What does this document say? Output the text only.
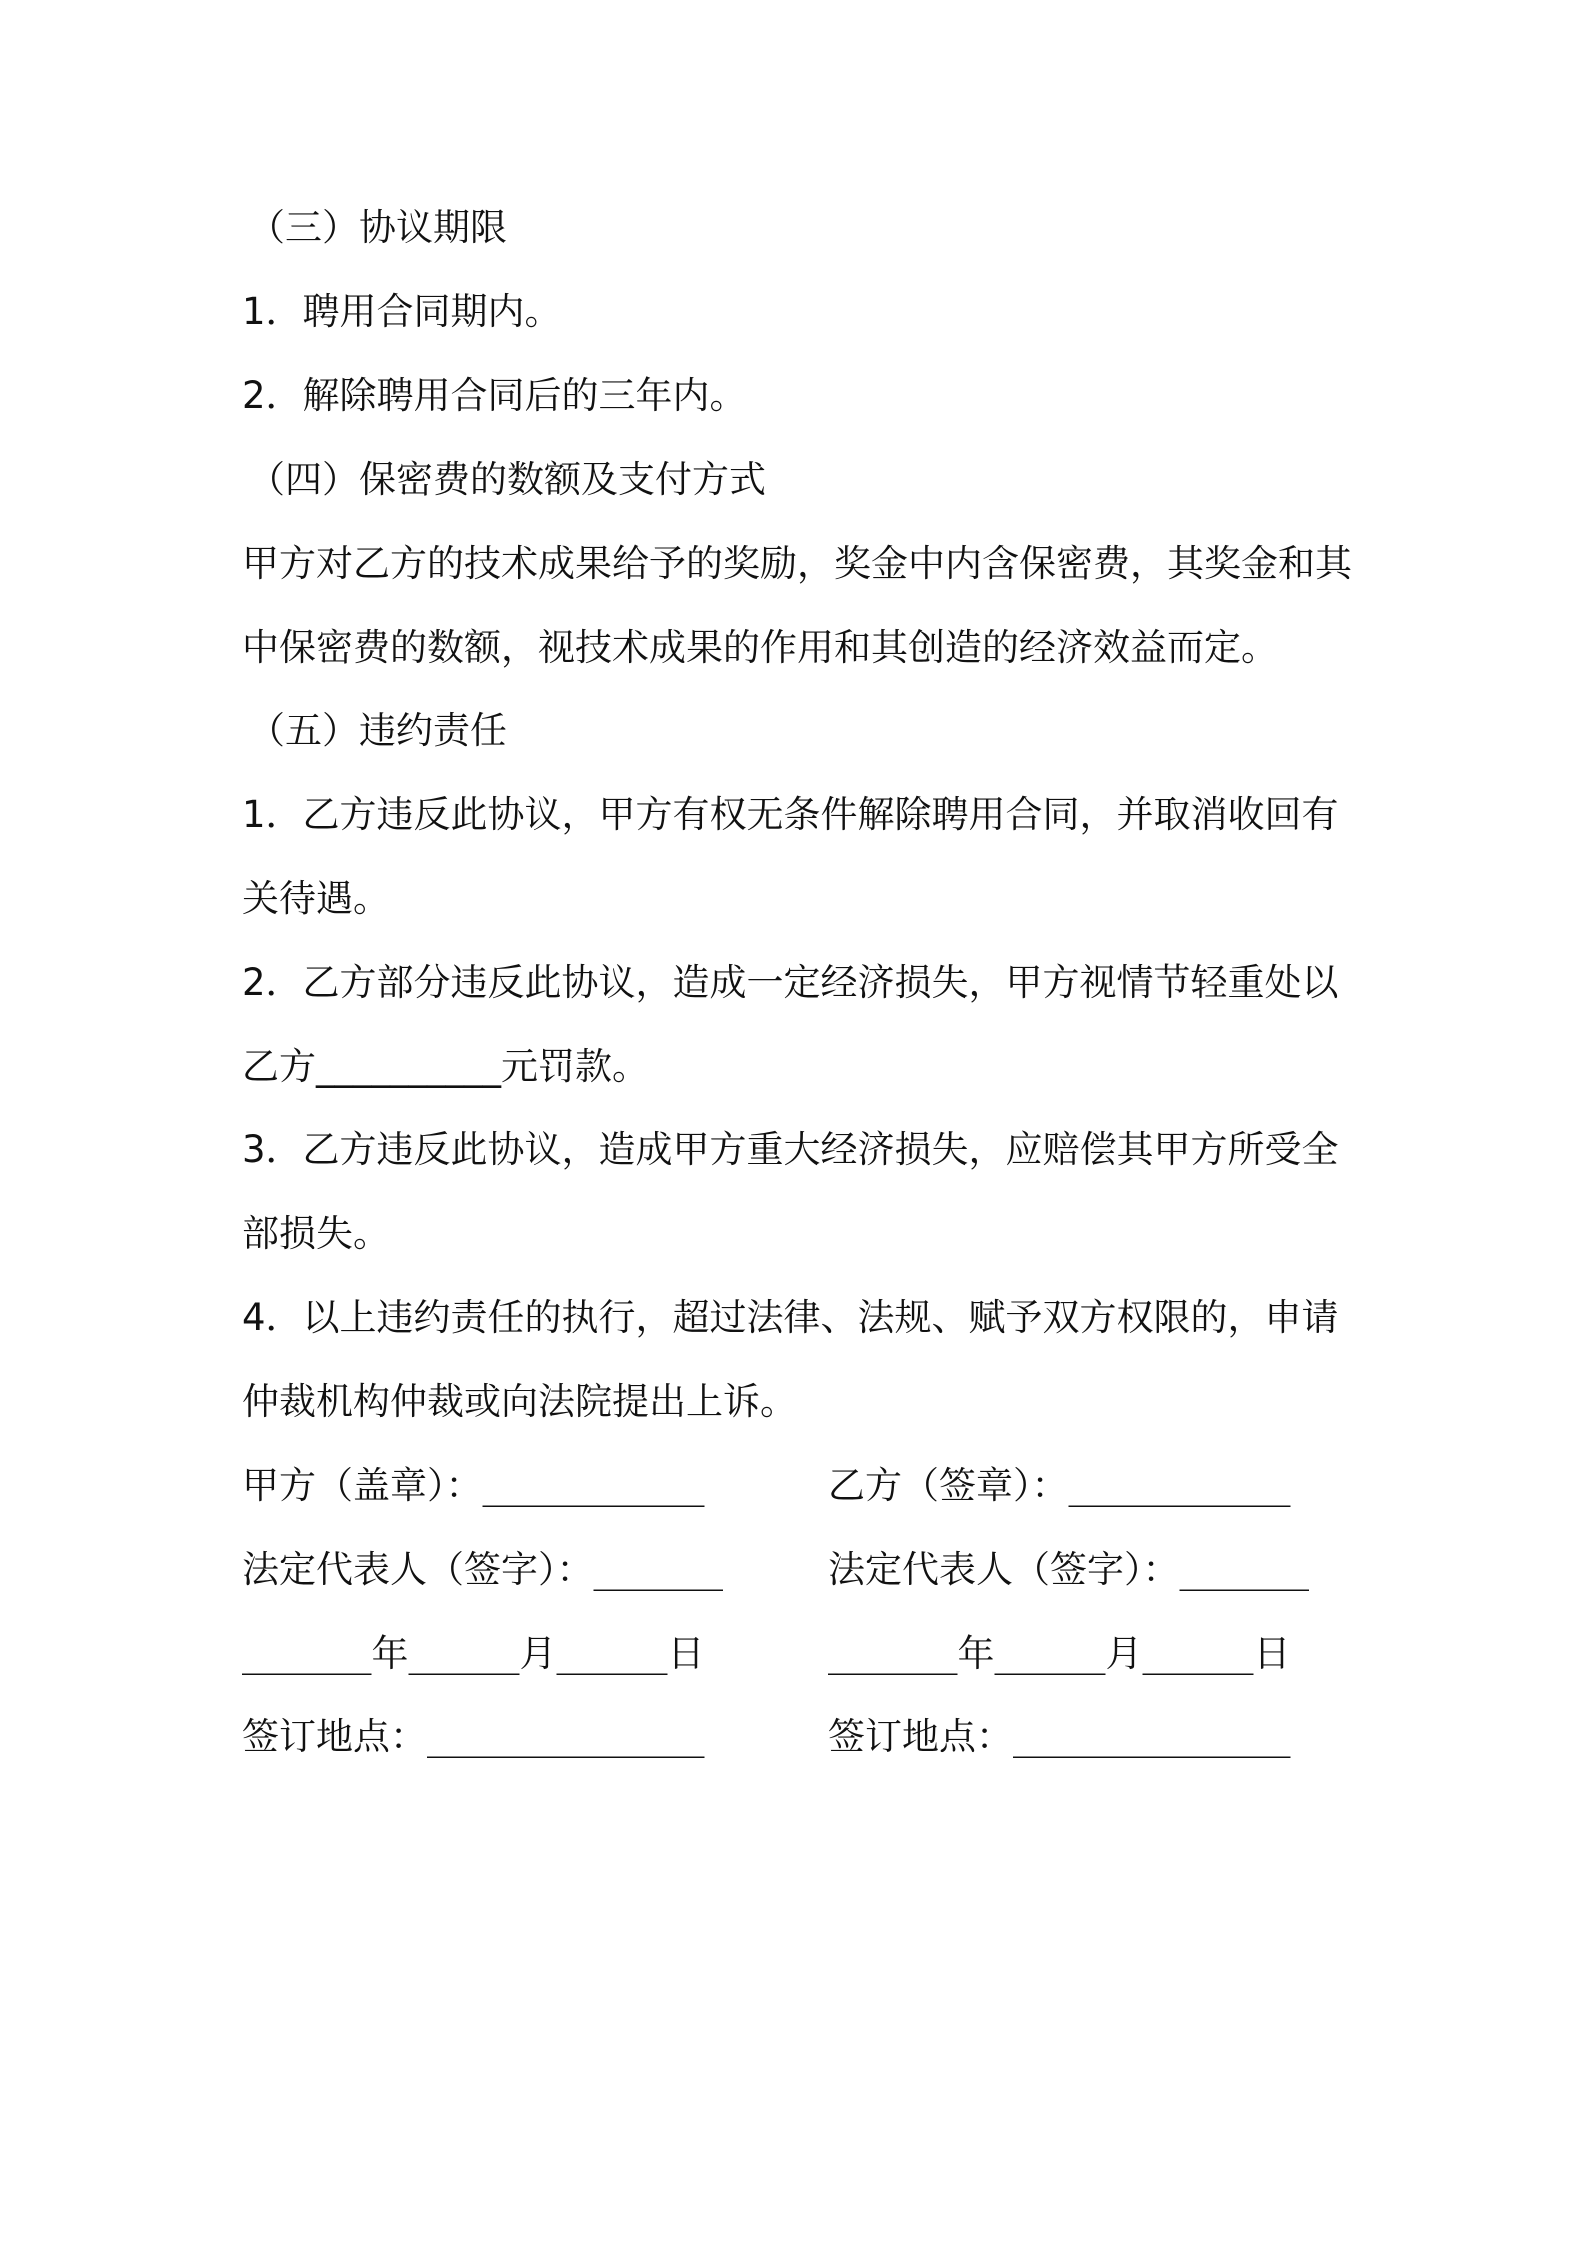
（三）协议期限

1．聘用合同期内。

2．解除聘用合同后的三年内。

（四）保密费的数额及支付方式

甲方对乙方的技术成果给予的奖励，奖金中内含保密费，其奖金和其

中保密费的数额，视技术成果的作用和其创造的经济效益而定。

（五）违约责任

1．乙方违反此协议，甲方有权无条件解除聘用合同，并取消收回有

关待遇。

2．乙方部分违反此协议，造成一定经济损失，甲方视情节轻重处以

乙方__________元罚款。

3．乙方违反此协议，造成甲方重大经济损失，应赔偿其甲方所受全

部损失。

4．以上违约责任的执行，超过法律、法规、赋予双方权限的，申请

仲裁机构仲裁或向法院提出上诉。

甲方（盖章）：____________	乙方（签章）：____________

法定代表人（签字）：_______	法定代表人（签字）：_______

_______年______月______日	_______年______月______日

签订地点：_______________	签订地点：_______________
